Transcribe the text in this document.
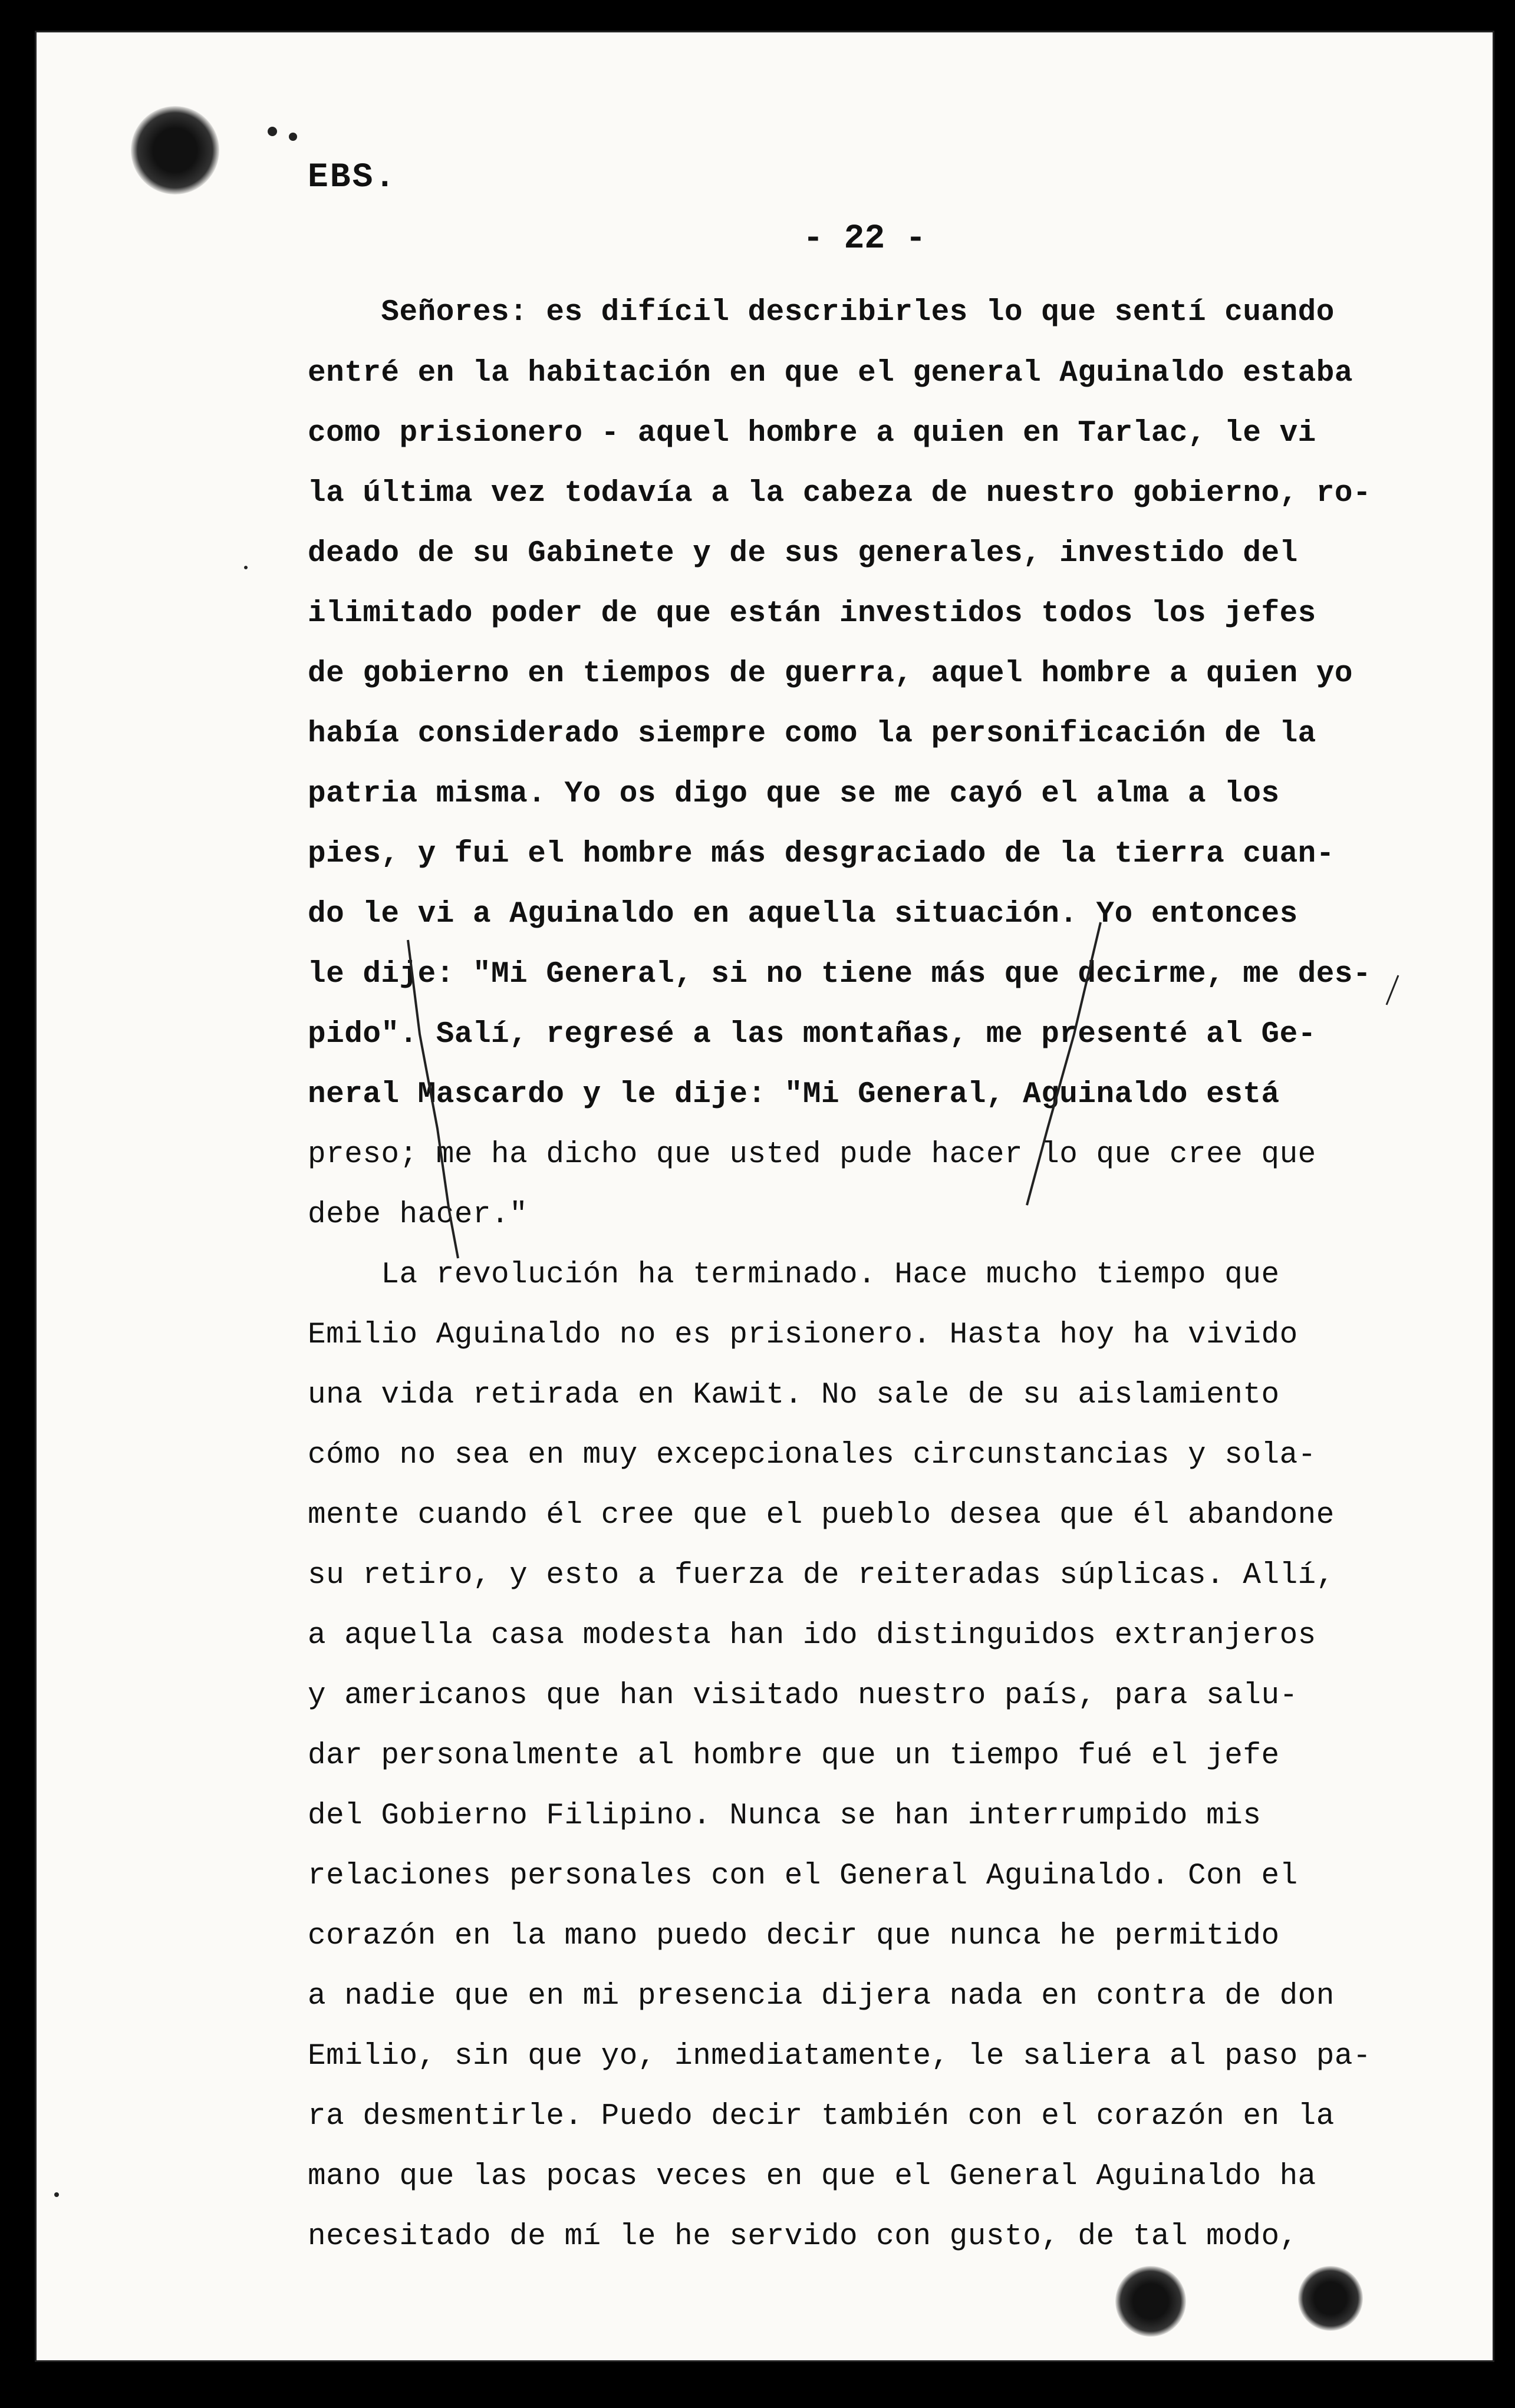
EBS.
- 22 -
Señores: es difícil describirles lo que sentí cuando
entré en la habitación en que el general Aguinaldo estaba
como prisionero - aquel hombre a quien en Tarlac, le vi
la última vez todavía a la cabeza de nuestro gobierno, ro-
deado de su Gabinete y de sus generales, investido del
ilimitado poder de que están investidos todos los jefes
de gobierno en tiempos de guerra, aquel hombre a quien yo
había considerado siempre como la personificación de la
patria misma. Yo os digo que se me cayó el alma a los
pies, y fui el hombre más desgraciado de la tierra cuan-
do le vi a Aguinaldo en aquella situación. Yo entonces
le dije: "Mi General, si no tiene más que decirme, me des-
pido". Salí, regresé a las montañas, me presenté al Ge-
neral Mascardo y le dije: "Mi General, Aguinaldo está
preso; me ha dicho que usted pude hacer lo que cree que
debe hacer."
La revolución ha terminado. Hace mucho tiempo que
Emilio Aguinaldo no es prisionero. Hasta hoy ha vivido
una vida retirada en Kawit. No sale de su aislamiento
cómo no sea en muy excepcionales circunstancias y sola-
mente cuando él cree que el pueblo desea que él abandone
su retiro, y esto a fuerza de reiteradas súplicas. Allí,
a aquella casa modesta han ido distinguidos extranjeros
y americanos que han visitado nuestro país, para salu-
dar personalmente al hombre que un tiempo fué el jefe
del Gobierno Filipino. Nunca se han interrumpido mis
relaciones personales con el General Aguinaldo. Con el
corazón en la mano puedo decir que nunca he permitido
a nadie que en mi presencia dijera nada en contra de don
Emilio, sin que yo, inmediatamente, le saliera al paso pa-
ra desmentirle. Puedo decir también con el corazón en la
mano que las pocas veces en que el General Aguinaldo ha
necesitado de mí le he servido con gusto, de tal modo,
